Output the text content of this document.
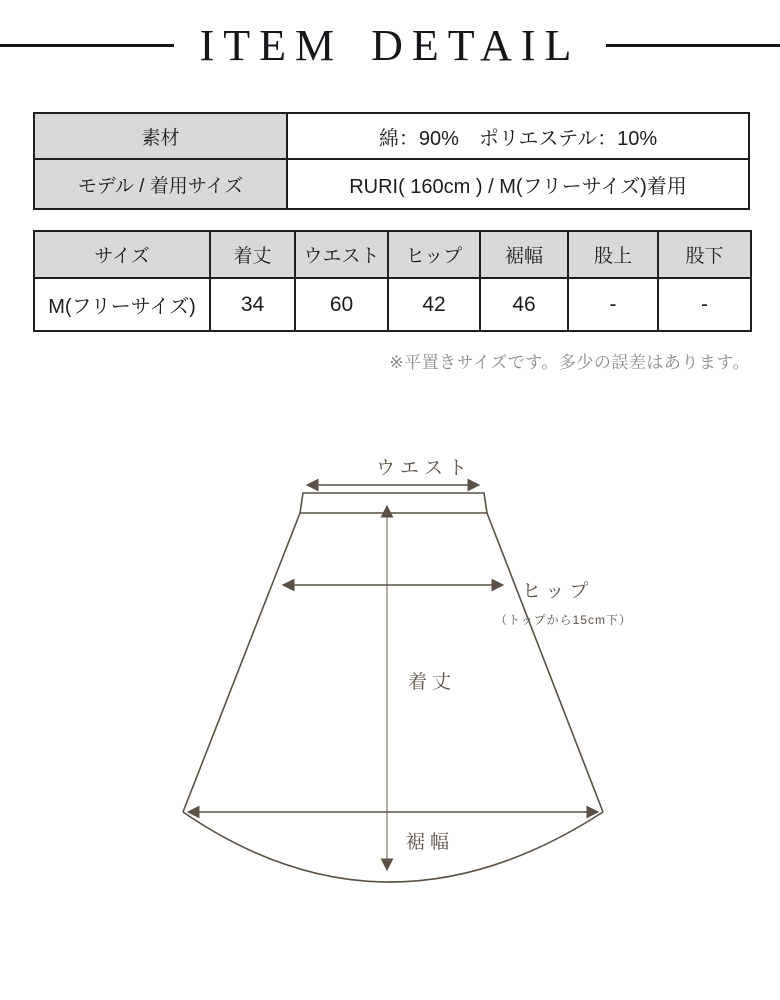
ITEM DETAIL
素材	綿：90%　ポリエステル：10%
モデル / 着用サイズ	RURI( 160cm ) / M(フリーサイズ)着用
サイズ	着丈	ウエスト	ヒップ	裾幅	股上	股下
M(フリーサイズ)	34	60	42	46	-	-
※平置きサイズです。多少の誤差はあります。
ウエスト
ヒップ
（トップから15cm下）
着丈
裾幅
